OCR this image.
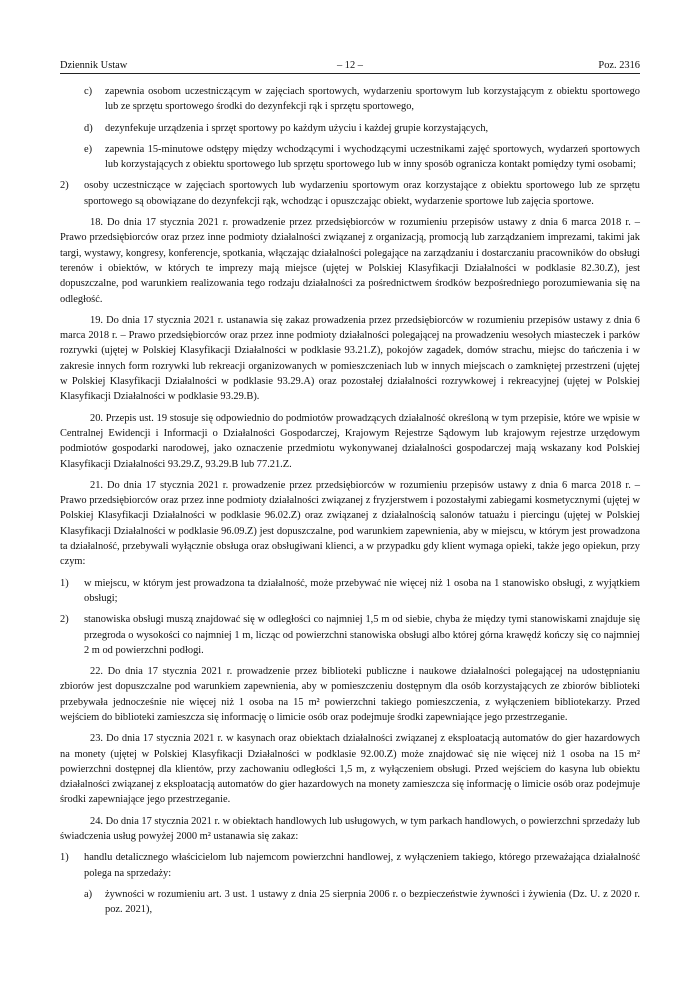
Dziennik Ustaw	– 12 –	Poz. 2316
c)	zapewnia osobom uczestniczącym w zajęciach sportowych, wydarzeniu sportowym lub korzystającym z obiektu sportowego lub ze sprzętu sportowego środki do dezynfekcji rąk i sprzętu sportowego,
d)	dezynfekuje urządzenia i sprzęt sportowy po każdym użyciu i każdej grupie korzystających,
e)	zapewnia 15-minutowe odstępy między wchodzącymi i wychodzącymi uczestnikami zajęć sportowych, wydarzeń sportowych lub korzystających z obiektu sportowego lub sprzętu sportowego lub w inny sposób ogranicza kontakt pomiędzy tymi osobami;
2)	osoby uczestniczące w zajęciach sportowych lub wydarzeniu sportowym oraz korzystające z obiektu sportowego lub ze sprzętu sportowego są obowiązane do dezynfekcji rąk, wchodząc i opuszczając obiekt, wydarzenie sportowe lub zajęcia sportowe.

18. Do dnia 17 stycznia 2021 r. prowadzenie przez przedsiębiorców w rozumieniu przepisów ustawy z dnia 6 marca 2018 r. – Prawo przedsiębiorców oraz przez inne podmioty działalności związanej z organizacją, promocją lub zarządzaniem imprezami, takimi jak targi, wystawy, kongresy, konferencje, spotkania, włączając działalności polegające na zarządzaniu i dostarczaniu pracowników do obsługi terenów i obiektów, w których te imprezy mają miejsce (ujętej w Polskiej Klasyfikacji Działalności w podklasie 82.30.Z), jest dopuszczalne, pod warunkiem realizowania tego rodzaju działalności za pośrednictwem środków bezpośredniego porozumiewania się na odległość.

19. Do dnia 17 stycznia 2021 r. ustanawia się zakaz prowadzenia przez przedsiębiorców w rozumieniu przepisów ustawy z dnia 6 marca 2018 r. – Prawo przedsiębiorców oraz przez inne podmioty działalności polegającej na prowadzeniu wesołych miasteczek i parków rozrywki (ujętej w Polskiej Klasyfikacji Działalności w podklasie 93.21.Z), pokojów zagadek, domów strachu, miejsc do tańczenia i w zakresie innych form rozrywki lub rekreacji organizowanych w pomieszczeniach lub w innych miejscach o zamkniętej przestrzeni (ujętej w Polskiej Klasyfikacji Działalności w podklasie 93.29.A) oraz pozostałej działalności rozrywkowej i rekreacyjnej (ujętej w Polskiej Klasyfikacji Działalności w podklasie 93.29.B).

20. Przepis ust. 19 stosuje się odpowiednio do podmiotów prowadzących działalność określoną w tym przepisie, które we wpisie w Centralnej Ewidencji i Informacji o Działalności Gospodarczej, Krajowym Rejestrze Sądowym lub krajowym rejestrze urzędowym podmiotów gospodarki narodowej, jako oznaczenie przedmiotu wykonywanej działalności gospodarczej mają wskazany kod Polskiej Klasyfikacji Działalności 93.29.Z, 93.29.B lub 77.21.Z.

21. Do dnia 17 stycznia 2021 r. prowadzenie przez przedsiębiorców w rozumieniu przepisów ustawy z dnia 6 marca 2018 r. – Prawo przedsiębiorców oraz przez inne podmioty działalności związanej z fryzjerstwem i pozostałymi zabiegami kosmetycznymi (ujętej w Polskiej Klasyfikacji Działalności w podklasie 96.02.Z) oraz związanej z działalnością salonów tatuażu i piercingu (ujętej w Polskiej Klasyfikacji Działalności w podklasie 96.09.Z) jest dopuszczalne, pod warunkiem zapewnienia, aby w miejscu, w którym jest prowadzona ta działalność, przebywali wyłącznie obsługa oraz obsługiwani klienci, a w przypadku gdy klient wymaga opieki, także jego opiekun, przy czym:

1)	w miejscu, w którym jest prowadzona ta działalność, może przebywać nie więcej niż 1 osoba na 1 stanowisko obsługi, z wyjątkiem obsługi;
2)	stanowiska obsługi muszą znajdować się w odległości co najmniej 1,5 m od siebie, chyba że między tymi stanowiskami znajduje się przegroda o wysokości co najmniej 1 m, licząc od powierzchni stanowiska obsługi albo której górna krawędź kończy się co najmniej 2 m od powierzchni podłogi.

22. Do dnia 17 stycznia 2021 r. prowadzenie przez biblioteki publiczne i naukowe działalności polegającej na udostępnianiu zbiorów jest dopuszczalne pod warunkiem zapewnienia, aby w pomieszczeniu dostępnym dla osób korzystających ze zbiorów biblioteki przebywała jednocześnie nie więcej niż 1 osoba na 15 m² powierzchni takiego pomieszczenia, z wyłączeniem bibliotekarzy. Przed wejściem do biblioteki zamieszcza się informację o limicie osób oraz podejmuje środki zapewniające jego przestrzeganie.

23. Do dnia 17 stycznia 2021 r. w kasynach oraz obiektach działalności związanej z eksploatacją automatów do gier hazardowych na monety (ujętej w Polskiej Klasyfikacji Działalności w podklasie 92.00.Z) może znajdować się nie więcej niż 1 osoba na 15 m² powierzchni dostępnej dla klientów, przy zachowaniu odległości 1,5 m, z wyłączeniem obsługi. Przed wejściem do kasyna lub obiektu działalności związanej z eksploatacją automatów do gier hazardowych na monety zamieszcza się informację o limicie osób oraz podejmuje środki zapewniające jego przestrzeganie.

24. Do dnia 17 stycznia 2021 r. w obiektach handlowych lub usługowych, w tym parkach handlowych, o powierzchni sprzedaży lub świadczenia usług powyżej 2000 m² ustanawia się zakaz:

1)	handlu detalicznego właścicielom lub najemcom powierzchni handlowej, z wyłączeniem takiego, którego przeważająca działalność polega na sprzedaży:
a)	żywności w rozumieniu art. 3 ust. 1 ustawy z dnia 25 sierpnia 2006 r. o bezpieczeństwie żywności i żywienia (Dz. U. z 2020 r. poz. 2021),
